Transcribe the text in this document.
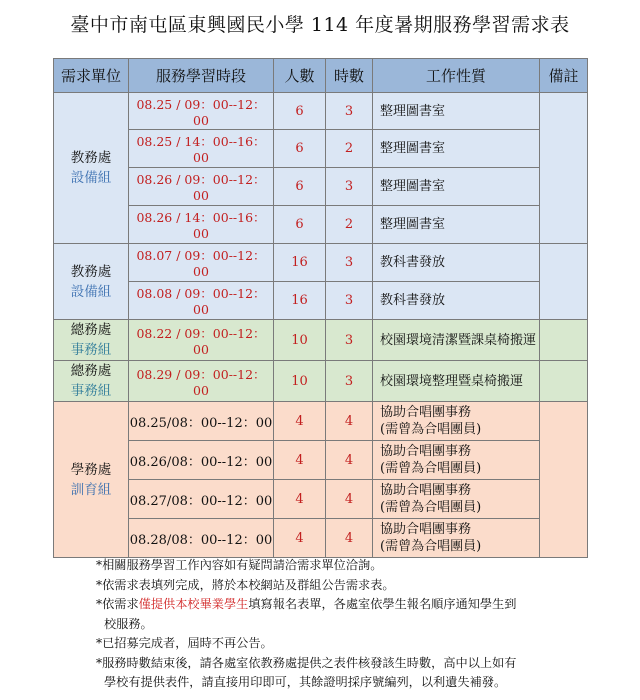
臺中市南屯區東興國民小學 114 年度暑期服務學習需求表
需求單位	服務學習時段	人數	時數	工作性質	備註

教務處
設備組	08.25 / 09：00--12：00	6	3	整理圖書室	
	08.25 / 14：00--16：00	6	2	整理圖書室	
	08.26 / 09：00--12：00	6	3	整理圖書室	
	08.26 / 14：00--16：00	6	2	整理圖書室	

教務處
設備組	08.07 / 09：00--12：00	16	3	教科書發放	
	08.08 / 09：00--12：00	16	3	教科書發放	

總務處
事務組	08.22 / 09：00--12：00	10	3	校園環境清潔暨課桌椅搬運	

總務處
事務組	08.29 / 09：00--12：00	10	3	校園環境整理暨桌椅搬運	

學務處
訓育組	08.25/08：00--12：00	4	4	協助合唱團事務
(需曾為合唱團員)	

	08.26/08：00--12：00	4	4	協助合唱團事務
(需曾為合唱團員)	

	08.27/08：00--12：00	4	4	協助合唱團事務
(需曾為合唱團員)	

	08.28/08：00--12：00	4	4	協助合唱團事務
(需曾為合唱團員)	

*相關服務學習工作內容如有疑問請洽需求單位洽詢。

*依需求表填列完成，將於本校網站及群組公告需求表。

*依需求僅提供本校畢業學生填寫報名表單，各處室依學生報名順序通知學生到

校服務。

*已招募完成者，屆時不再公告。

*服務時數結束後，請各處室依教務處提供之表件核發該生時數，高中以上如有

學校有提供表件，請直接用印即可，其餘證明採序號編列，以利遺失補發。
